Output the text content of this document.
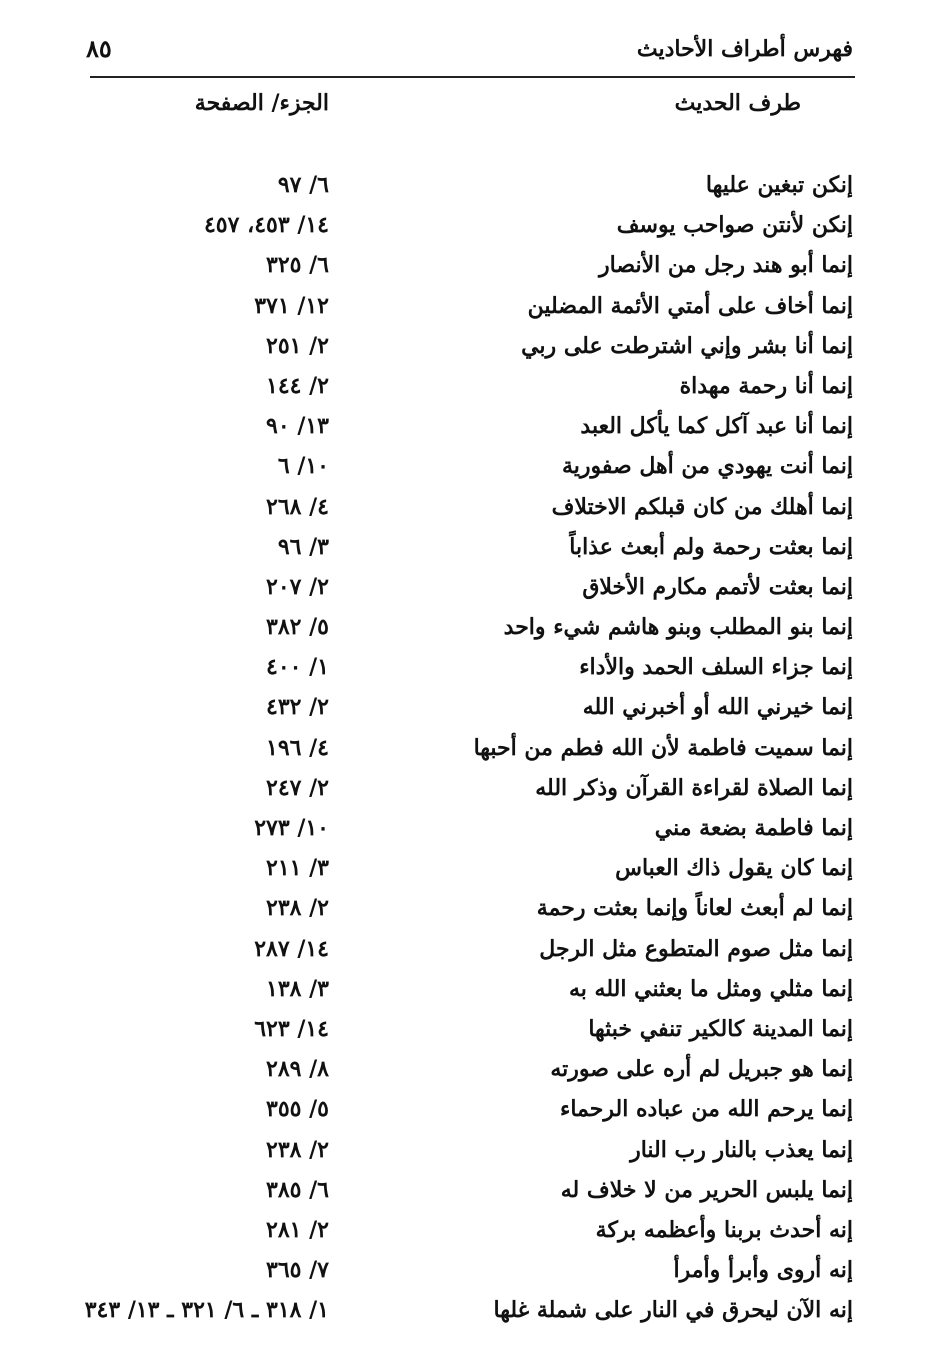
فهرس أطراف الأحاديث
٨٥
طرف الحديث
الجزء/ الصفحة
إنكن تبغين عليها
٦/ ٩٧
إنكن لأنتن صواحب يوسف
١٤/ ٤٥٣، ٤٥٧
إنما أبو هند رجل من الأنصار
٦/ ٣٢٥
إنما أخاف على أمتي الأئمة المضلين
١٢/ ٣٧١
إنما أنا بشر وإني اشترطت على ربي
٢/ ٢٥١
إنما أنا رحمة مهداة
٢/ ١٤٤
إنما أنا عبد آكل كما يأكل العبد
١٣/ ٩٠
إنما أنت يهودي من أهل صفورية
١٠/ ٦
إنما أهلك من كان قبلكم الاختلاف
٤/ ٢٦٨
إنما بعثت رحمة ولم أبعث عذاباً
٣/ ٩٦
إنما بعثت لأتمم مكارم الأخلاق
٢/ ٢٠٧
إنما بنو المطلب وبنو هاشم شيء واحد
٥/ ٣٨٢
إنما جزاء السلف الحمد والأداء
١/ ٤٠٠
إنما خيرني الله أو أخبرني الله
٢/ ٤٣٢
إنما سميت فاطمة لأن الله فطم من أحبها
٤/ ١٩٦
إنما الصلاة لقراءة القرآن وذكر الله
٢/ ٢٤٧
إنما فاطمة بضعة مني
١٠/ ٢٧٣
إنما كان يقول ذاك العباس
٣/ ٢١١
إنما لم أبعث لعاناً وإنما بعثت رحمة
٢/ ٢٣٨
إنما مثل صوم المتطوع مثل الرجل
١٤/ ٢٨٧
إنما مثلي ومثل ما بعثني الله به
٣/ ١٣٨
إنما المدينة كالكير تنفي خبثها
١٤/ ٦٢٣
إنما هو جبريل لم أره على صورته
٨/ ٢٨٩
إنما يرحم الله من عباده الرحماء
٥/ ٣٥٥
إنما يعذب بالنار رب النار
٢/ ٢٣٨
إنما يلبس الحرير من لا خلاف له
٦/ ٣٨٥
إنه أحدث بربنا وأعظمه بركة
٢/ ٢٨١
إنه أروى وأبرأ وأمرأ
٧/ ٣٦٥
إنه الآن ليحرق في النار على شملة غلها
١/ ٣١٨ ـ ٦/ ٣٢١ ـ ١٣/ ٣٤٣
